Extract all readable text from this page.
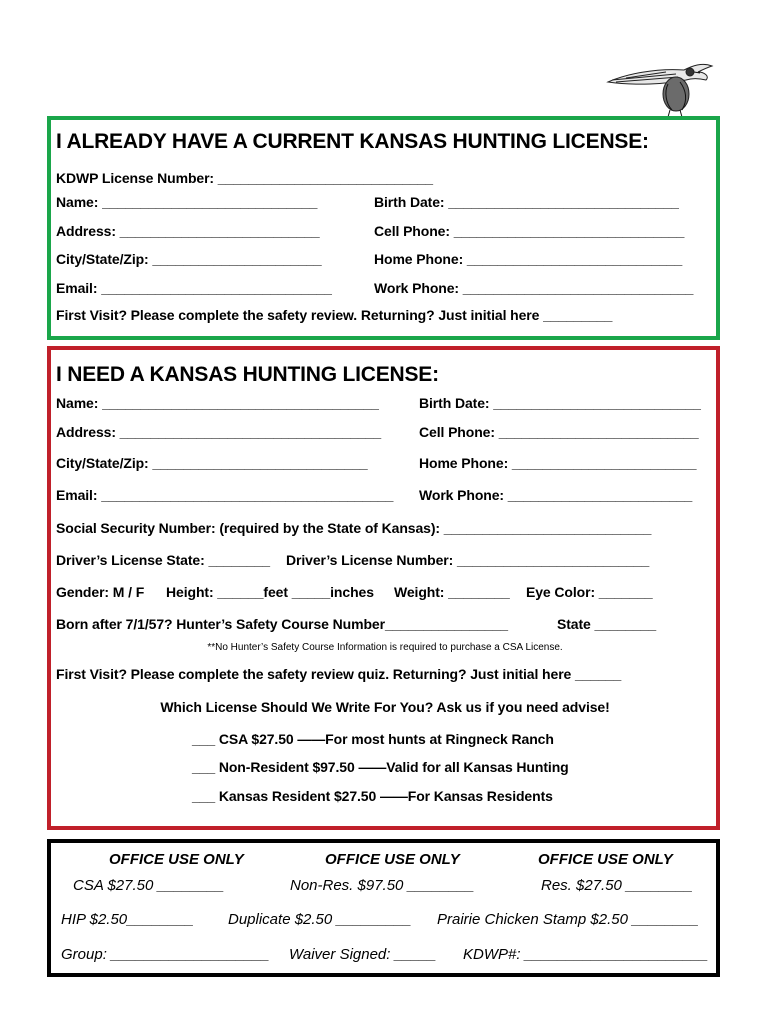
I ALREADY HAVE A CURRENT KANSAS HUNTING LICENSE:
KDWP License Number: ____________________________
Name: ____________________________	Birth Date: ______________________________
Address: __________________________	Cell Phone: ______________________________
City/State/Zip: ______________________	Home Phone: ____________________________
Email: ______________________________	Work Phone: ______________________________
First Visit? Please complete the safety review. Returning? Just initial here _________
I NEED A KANSAS HUNTING LICENSE:
Name: ____________________________________	Birth Date: ___________________________
Address: __________________________________	Cell Phone: __________________________
City/State/Zip: ____________________________	Home Phone: ________________________
Email: ______________________________________ Work Phone: ________________________
Social Security Number: (required by the State of Kansas): ___________________________
Driver’s License State: ________ Driver’s License Number: _________________________
Gender: M / F Height: ______feet _____inches Weight: ________ Eye Color: _______
Born after 7/1/57? Hunter’s Safety Course Number________________	State ________
**No Hunter’s Safety Course Information is required to purchase a CSA License.
First Visit? Please complete the safety review quiz. Returning? Just initial here ______
Which License Should We Write For You? Ask us if you need advise!
___ CSA $27.50 ——For most hunts at Ringneck Ranch
___ Non-Resident $97.50 ——Valid for all Kansas Hunting
___ Kansas Resident $27.50 ——For Kansas Residents
OFFICE USE ONLY	OFFICE USE ONLY	OFFICE USE ONLY
CSA $27.50 ________	Non-Res. $97.50 ________	Res. $27.50 ________
HIP $2.50________ Duplicate $2.50 _________ Prairie Chicken Stamp $2.50 ________
Group: ___________________ Waiver Signed: _____ KDWP#: ______________________
